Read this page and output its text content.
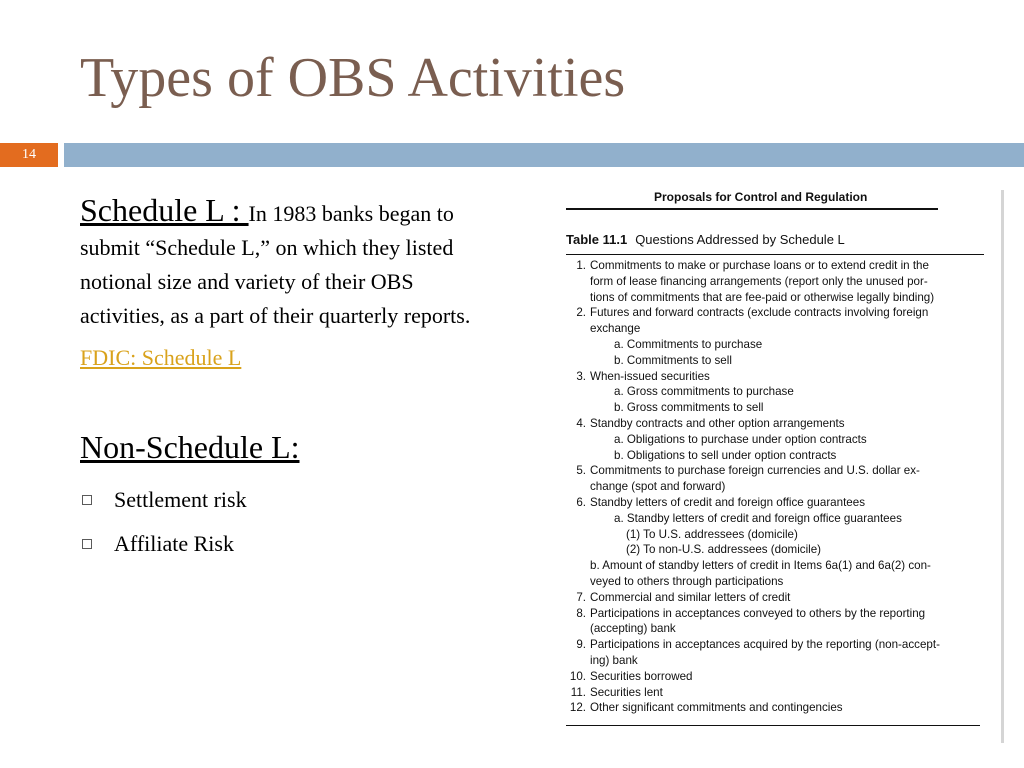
Types of OBS Activities
14

Schedule L : In 1983 banks began to submit “Schedule L,” on which they listed notional size and variety of their OBS activities, as a part of their quarterly reports.

FDIC: Schedule L
Non-Schedule L:
Settlement risk
Affiliate Risk
Proposals for Control and Regulation
Table 11.1 Questions Addressed by Schedule L
1. Commitments to make or purchase loans or to extend credit in the
form of lease financing arrangements (report only the unused por-
tions of commitments that are fee-paid or otherwise legally binding)
2. Futures and forward contracts (exclude contracts involving foreign
exchange
a. Commitments to purchase
b. Commitments to sell
3. When-issued securities
a. Gross commitments to purchase
b. Gross commitments to sell
4. Standby contracts and other option arrangements
a. Obligations to purchase under option contracts
b. Obligations to sell under option contracts
5. Commitments to purchase foreign currencies and U.S. dollar ex-
change (spot and forward)
6. Standby letters of credit and foreign office guarantees
a. Standby letters of credit and foreign office guarantees
(1) To U.S. addressees (domicile)
(2) To non-U.S. addressees (domicile)
b. Amount of standby letters of credit in Items 6a(1) and 6a(2) con-
veyed to others through participations
7. Commercial and similar letters of credit
8. Participations in acceptances conveyed to others by the reporting
(accepting) bank
9. Participations in acceptances acquired by the reporting (non-accept-
ing) bank
10. Securities borrowed
11. Securities lent
12. Other significant commitments and contingencies
